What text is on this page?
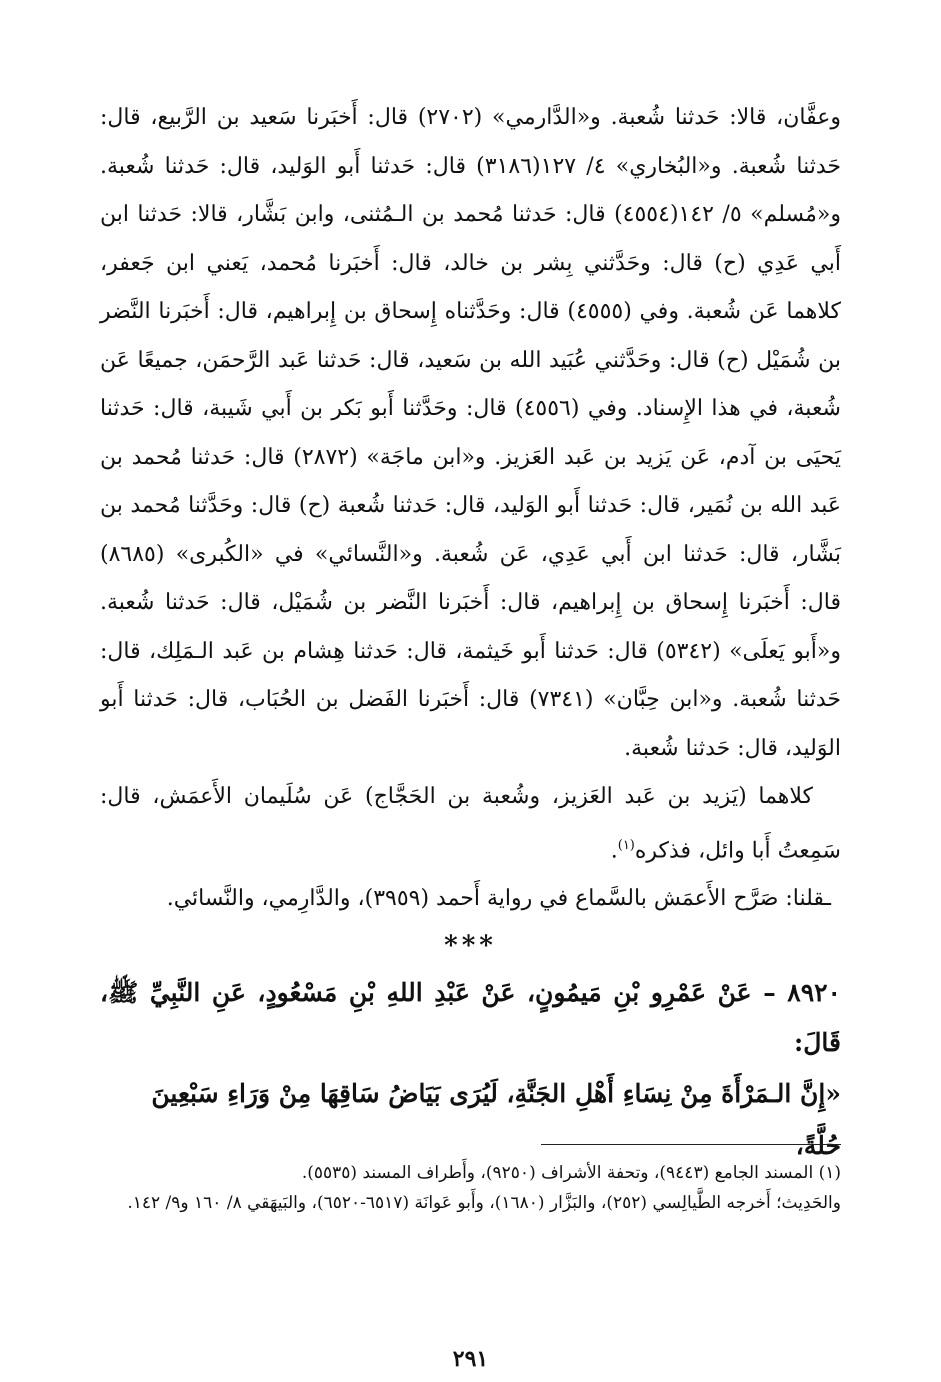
وعفَّان، قالا: حَدثنا شُعبة. و«الدَّارمي» (٢٧٠٢) قال: أَخبَرنا سَعيد بن الرَّبيع، قال: حَدثنا شُعبة. و«البُخاري» ٤/ ١٢٧(٣١٨٦) قال: حَدثنا أَبو الوَليد، قال: حَدثنا شُعبة. و«مُسلم» ٥/ ١٤٢(٤٥٥٤) قال: حَدثنا مُحمد بن الـمُثنى، وابن بَشَّار، قالا: حَدثنا ابن أَبي عَدِي (ح) قال: وحَدَّثني بِشر بن خالد، قال: أَخبَرنا مُحمد، يَعني ابن جَعفر، كلاهما عَن شُعبة. وفي (٤٥٥٥) قال: وحَدَّثناه إِسحاق بن إِبراهيم، قال: أَخبَرنا النَّضر بن شُمَيْل (ح) قال: وحَدَّثني عُبَيد الله بن سَعيد، قال: حَدثنا عَبد الرَّحمَن، جميعًا عَن شُعبة، في هذا الإِسناد. وفي (٤٥٥٦) قال: وحَدَّثنا أَبو بَكر بن أَبي شَيبة، قال: حَدثنا يَحيَى بن آدم، عَن يَزيد بن عَبد العَزيز. و«ابن ماجَة» (٢٨٧٢) قال: حَدثنا مُحمد بن عَبد الله بن نُمَير، قال: حَدثنا أَبو الوَليد، قال: حَدثنا شُعبة (ح) قال: وحَدَّثنا مُحمد بن بَشَّار، قال: حَدثنا ابن أَبي عَدِي، عَن شُعبة. و«النَّسائي» في «الكُبرى» (٨٦٨٥) قال: أَخبَرنا إِسحاق بن إِبراهيم، قال: أَخبَرنا النَّضر بن شُمَيْل، قال: حَدثنا شُعبة. و«أَبو يَعلَى» (٥٣٤٢) قال: حَدثنا أَبو خَيثمة، قال: حَدثنا هِشام بن عَبد الـمَلِك، قال: حَدثنا شُعبة. و«ابن حِبَّان» (٧٣٤١) قال: أَخبَرنا الفَضل بن الحُبَاب، قال: حَدثنا أَبو الوَليد، قال: حَدثنا شُعبة.

كلاهما (يَزيد بن عَبد العَزيز، وشُعبة بن الحَجَّاج) عَن سُلَيمان الأَعمَش، قال: سَمِعتُ أَبا وائل، فذكره$^{(١)}$.

ـقلنا: صَرَّح الأَعمَش بالسَّماع في رواية أَحمد (٣٩٥٩)، والدَّارِمي، والنَّسائي.

***

٨٩٢٠ – عَنْ عَمْرِو بْنِ مَيمُونٍ، عَنْ عَبْدِ اللهِ بْنِ مَسْعُودٍ، عَنِ النَّبِيِّ ﷺ، قَالَ:

«إِنَّ الـمَرْأَةَ مِنْ نِسَاءِ أَهْلِ الجَنَّةِ، لَيُرَى بَيَاضُ سَاقِهَا مِنْ وَرَاءِ سَبْعِينَ حُلَّةً،

(١) المسند الجامع (٩٤٤٣)، وتحفة الأشراف (٩٢٥٠)، وأَطراف المسند (٥٥٣٥).

والحَدِيث؛ أَخرجه الطَّيالِسي (٢٥٢)، والبَزَّار (١٦٨٠)، وأَبو عَوانَة (٦٥١٧-٦٥٢٠)، والبَيهَقي ٨/ ١٦٠ و٩/ ١٤٢.

٢٩١
